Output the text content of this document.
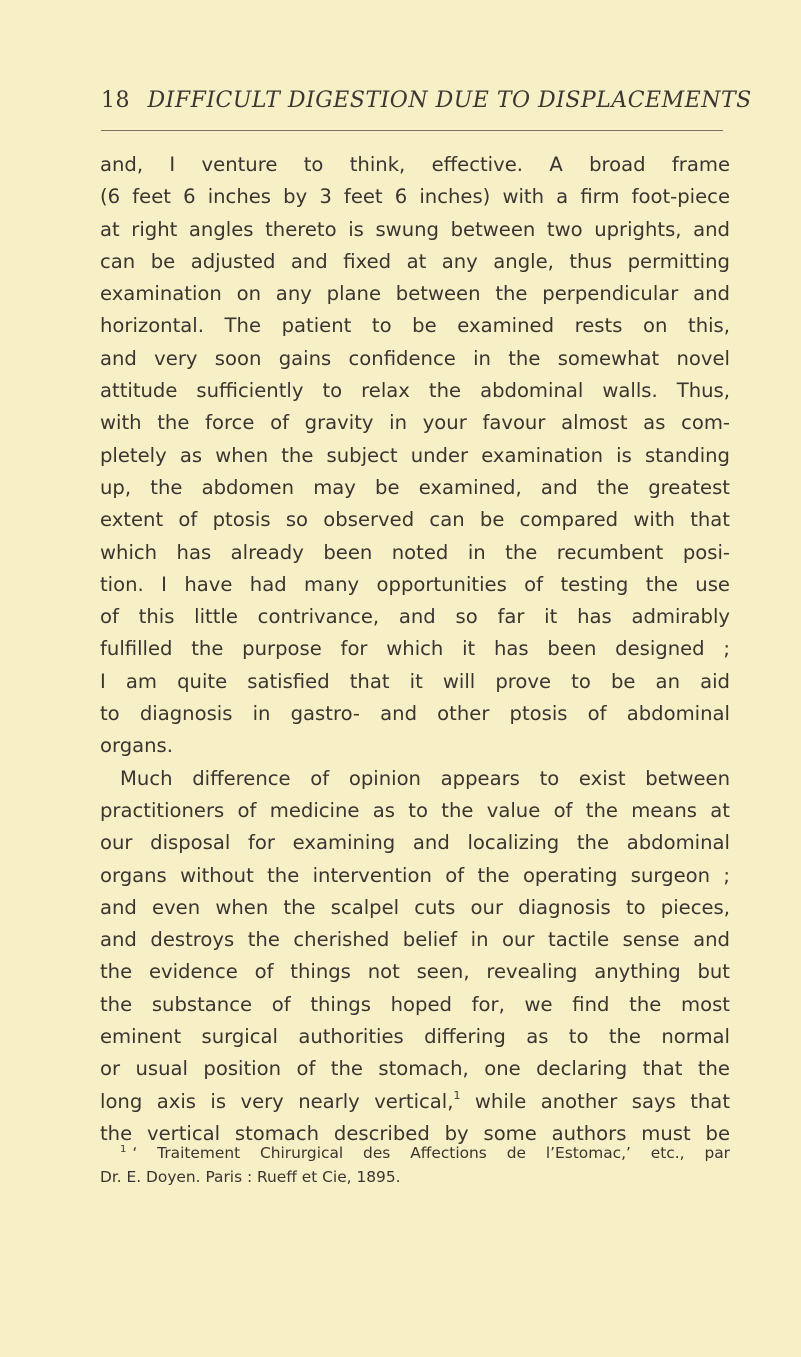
18 DIFFICULT DIGESTION DUE TO DISPLACEMENTS
and, I venture to think, effective. A broad frame
(6 feet 6 inches by 3 feet 6 inches) with a firm foot-piece
at right angles thereto is swung between two uprights, and
can be adjusted and fixed at any angle, thus permitting
examination on any plane between the perpendicular and
horizontal. The patient to be examined rests on this,
and very soon gains confidence in the somewhat novel
attitude sufficiently to relax the abdominal walls. Thus,
with the force of gravity in your favour almost as com-
pletely as when the subject under examination is standing
up, the abdomen may be examined, and the greatest
extent of ptosis so observed can be compared with that
which has already been noted in the recumbent posi-
tion. I have had many opportunities of testing the use
of this little contrivance, and so far it has admirably
fulfilled the purpose for which it has been designed ;
I am quite satisfied that it will prove to be an aid
to diagnosis in gastro- and other ptosis of abdominal
organs.
Much difference of opinion appears to exist between
practitioners of medicine as to the value of the means at
our disposal for examining and localizing the abdominal
organs without the intervention of the operating surgeon ;
and even when the scalpel cuts our diagnosis to pieces,
and destroys the cherished belief in our tactile sense and
the evidence of things not seen, revealing anything but
the substance of things hoped for, we find the most
eminent surgical authorities differing as to the normal
or usual position of the stomach, one declaring that the
long axis is very nearly vertical,$^1$ while another says that
the vertical stomach described by some authors must be
$^1$ ‘ Traitement Chirurgical des Affections de l’Estomac,’ etc., par
Dr. E. Doyen. Paris : Rueff et Cie, 1895.
